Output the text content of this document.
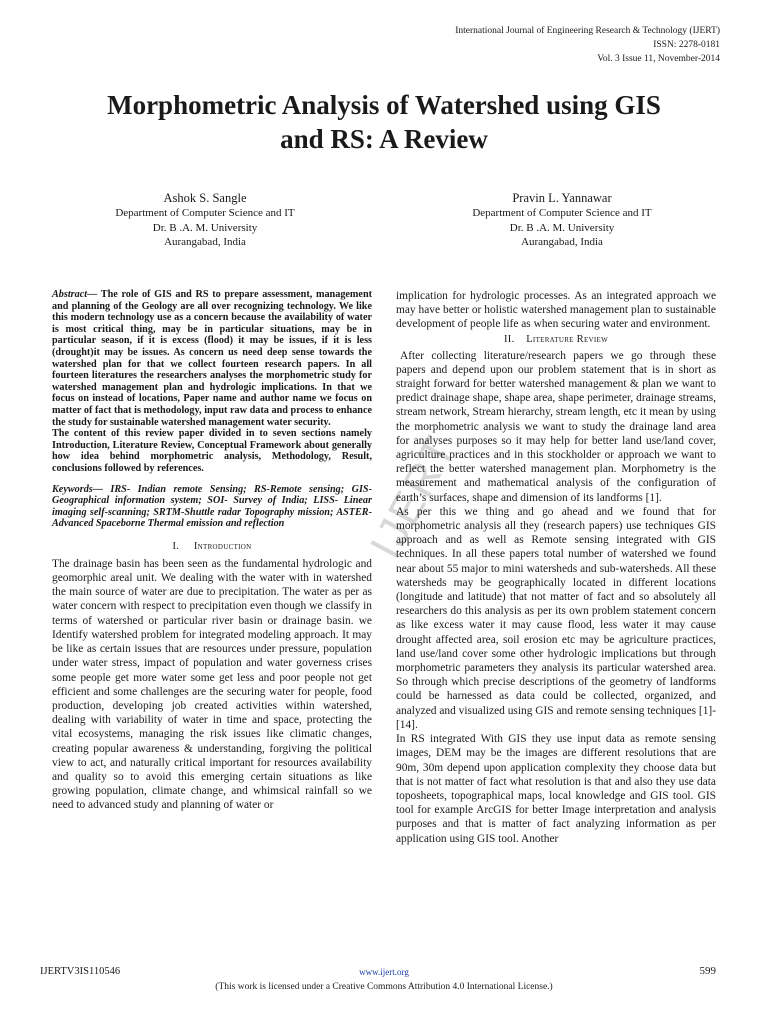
IJERT
International Journal of Engineering Research & Technology (IJERT)
ISSN: 2278-0181
Vol. 3 Issue 11, November-2014
Morphometric Analysis of Watershed using GIS
and RS: A Review
Ashok S. Sangle
Department of Computer Science and IT
Dr. B .A. M. University
Aurangabad, India
Pravin L. Yannawar
Department of Computer Science and IT
Dr. B .A. M. University
Aurangabad, India

Abstract— The role of GIS and RS to prepare assessment, management and planning of the Geology are all over recognizing technology. We like this modern technology use as a concern because the availability of water is most critical thing, may be in particular situations, may be in particular season, if it is excess (flood) it may be issues, if it is less (drought)it may be issues. As concern us need deep sense towards the watershed plan for that we collect fourteen research papers. In all fourteen literatures the researchers analyses the morphometric study for watershed management plan and hydrologic implications. In that we focus on instead of locations, Paper name and author name we focus on matter of fact that is methodology, input raw data and process to enhance the study for sustainable watershed management water security.

The content of this review paper divided in to seven sections namely Introduction, Literature Review, Conceptual Framework about generally how idea behind morphometric analysis, Methodology, Result, conclusions followed by references.

Keywords— IRS- Indian remote Sensing; RS-Remote sensing; GIS- Geographical information system; SOI- Survey of India; LISS- Linear imaging self-scanning; SRTM-Shuttle radar Topography mission; ASTER- Advanced Spaceborne Thermal emission and reflection

I. Introduction

The drainage basin has been seen as the fundamental hydrologic and geomorphic areal unit. We dealing with the water with in watershed the main source of water are due to precipitation. The water as per as water concern with respect to precipitation even though we classify in terms of watershed or particular river basin or drainage basin. we Identify watershed problem for integrated modeling approach. It may be like as certain issues that are resources under pressure, population under water stress, impact of population and water governess crises some people get more water some get less and poor people not get efficient and some challenges are the securing water for people, food production, developing job created activities within watershed, dealing with variability of water in time and space, protecting the vital ecosystems, managing the risk issues like climatic changes, creating popular awareness & understanding, forgiving the political view to act, and naturally critical important for resources availability and quality so to avoid this emerging certain situations as like growing population, climate change, and whimsical rainfall so we need to advanced study and planning of water or

implication for hydrologic processes. As an integrated approach we may have better or holistic watershed management plan to sustainable development of people life as when securing water and environment.

II. Literature Review

After collecting literature/research papers we go through these papers and depend upon our problem statement that is in short as straight forward for better watershed management & plan we want to predict drainage shape, shape area, shape perimeter, drainage streams, stream network, Stream hierarchy, stream length, etc it mean by using the morphometric analysis we want to study the drainage land area for analyses purposes so it may help for better land use/land cover, agriculture practices and in this stockholder or approach we want to reflect the better watershed management plan. Morphometry is the measurement and mathematical analysis of the configuration of earth’s surfaces, shape and dimension of its landforms [1].

As per this we thing and go ahead and we found that for morphometric analysis all they (research papers) use techniques GIS approach and as well as Remote sensing integrated with GIS techniques. In all these papers total number of watershed we found near about 55 major to mini watersheds and sub-watersheds. All these watersheds may be geographically located in different locations (longitude and latitude) that not matter of fact and so absolutely all researchers do this analysis as per its own problem statement concern as like excess water it may cause flood, less water it may cause drought affected area, soil erosion etc may be agriculture practices, land use/land cover some other hydrologic implications but through morphometric parameters they analysis its particular watershed area. So through which precise descriptions of the geometry of landforms could be harnessed as data could be collected, organized, and analyzed and visualized using GIS and remote sensing techniques [1]-[14].

In RS integrated With GIS they use input data as remote sensing images, DEM may be the images are different resolutions that are 90m, 30m depend upon application complexity they choose data but that is not matter of fact what resolution is that and also they use data toposheets, topographical maps, local knowledge and GIS tool. GIS tool for example ArcGIS for better Image interpretation and analysis purposes and that is matter of fact analyzing information as per application using GIS tool. Another

IJERTV3IS110546	www.ijert.org	599
(This work is licensed under a Creative Commons Attribution 4.0 International License.)
